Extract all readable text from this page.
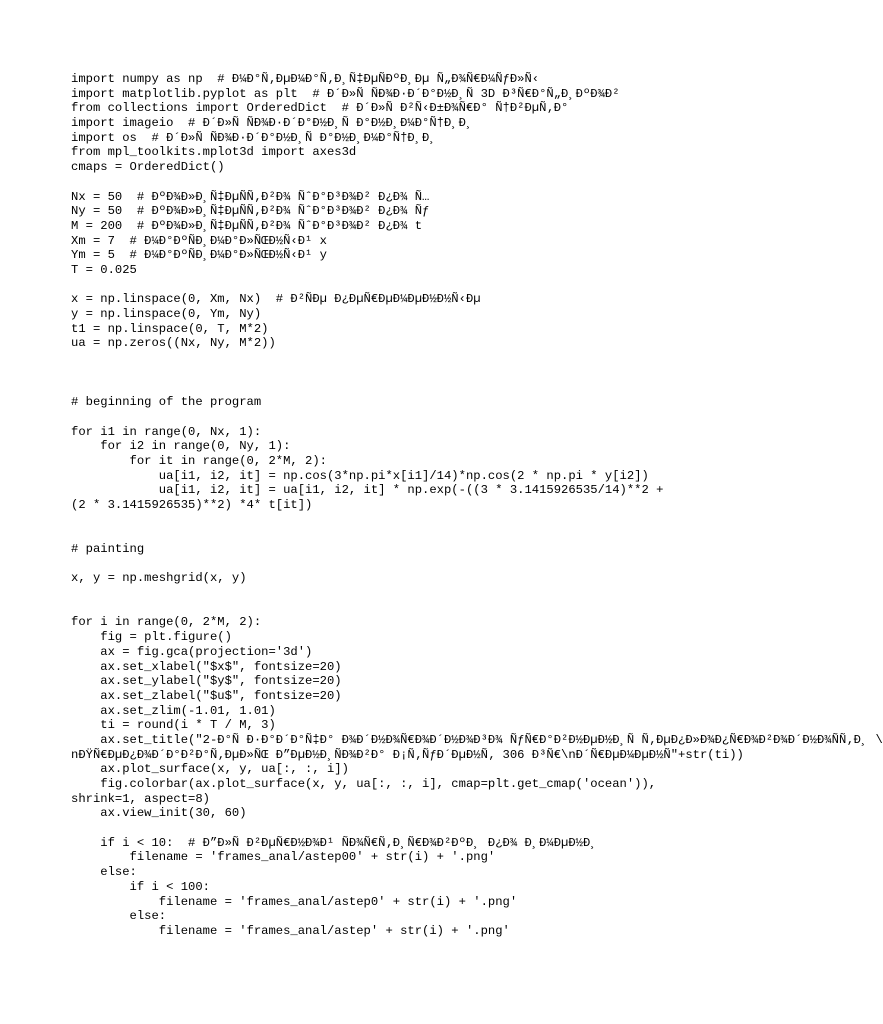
import numpy as np  # Ð¼Ð°Ñ‚ÐµÐ¼Ð°Ñ‚Ð¸Ñ‡ÐµÑÐºÐ¸Ðµ Ñ„Ð¾Ñ€Ð¼ÑƒÐ»Ñ‹
import matplotlib.pyplot as plt  # Ð´Ð»Ñ ÑÐ¾Ð·Ð´Ð°Ð½Ð¸Ñ 3D Ð³Ñ€Ð°Ñ„Ð¸ÐºÐ¾Ð²
from collections import OrderedDict  # Ð´Ð»Ñ Ð²Ñ‹Ð±Ð¾Ñ€Ð° Ñ†Ð²ÐµÑ‚Ð°
import imageio  # Ð´Ð»Ñ ÑÐ¾Ð·Ð´Ð°Ð½Ð¸Ñ Ð°Ð½Ð¸Ð¼Ð°Ñ†Ð¸Ð¸
import os  # Ð´Ð»Ñ ÑÐ¾Ð·Ð´Ð°Ð½Ð¸Ñ Ð°Ð½Ð¸Ð¼Ð°Ñ†Ð¸Ð¸
from mpl_toolkits.mplot3d import axes3d
cmaps = OrderedDict()
Nx = 50  # ÐºÐ¾Ð»Ð¸Ñ‡ÐµÑÑ‚Ð²Ð¾ ÑˆÐ°Ð³Ð¾Ð² Ð¿Ð¾ Ñ…
Ny = 50  # ÐºÐ¾Ð»Ð¸Ñ‡ÐµÑÑ‚Ð²Ð¾ ÑˆÐ°Ð³Ð¾Ð² Ð¿Ð¾ Ñƒ
M = 200  # ÐºÐ¾Ð»Ð¸Ñ‡ÐµÑÑ‚Ð²Ð¾ ÑˆÐ°Ð³Ð¾Ð² Ð¿Ð¾ t
Xm = 7  # Ð¼Ð°ÐºÑÐ¸Ð¼Ð°Ð»ÑŒÐ½Ñ‹Ð¹ x
Ym = 5  # Ð¼Ð°ÐºÑÐ¸Ð¼Ð°Ð»ÑŒÐ½Ñ‹Ð¹ y
T = 0.025
x = np.linspace(0, Xm, Nx)  # Ð²ÑÐµ Ð¿ÐµÑ€ÐµÐ¼ÐµÐ½Ð½Ñ‹Ðµ
y = np.linspace(0, Ym, Ny)
t1 = np.linspace(0, T, M*2)
ua = np.zeros((Nx, Ny, M*2))
# beginning of the program
for i1 in range(0, Nx, 1):
for i2 in range(0, Ny, 1):
for it in range(0, 2*M, 2):
ua[i1, i2, it] = np.cos(3*np.pi*x[i1]/14)*np.cos(2 * np.pi * y[i2])
ua[i1, i2, it] = ua[i1, i2, it] * np.exp(-((3 * 3.1415926535/14)**2 +
(2 * 3.1415926535)**2) *4* t[it])
# painting
x, y = np.meshgrid(x, y)
for i in range(0, 2*M, 2):
fig = plt.figure()
ax = fig.gca(projection='3d')
ax.set_xlabel("$x$", fontsize=20)
ax.set_ylabel("$y$", fontsize=20)
ax.set_zlabel("$u$", fontsize=20)
ax.set_zlim(-1.01, 1.01)
ti = round(i * T / M, 3)
ax.set_title("2-Ð°Ñ Ð·Ð°Ð´Ð°Ñ‡Ð° Ð¾Ð´Ð½Ð¾Ñ€Ð¾Ð´Ð½Ð¾Ð³Ð¾ ÑƒÑ€Ð°Ð²Ð½ÐµÐ½Ð¸Ñ Ñ‚ÐµÐ¿Ð»Ð¾Ð¿Ñ€Ð¾Ð²Ð¾Ð´Ð½Ð¾ÑÑ‚Ð¸ \
nÐŸÑ€ÐµÐ¿Ð¾Ð´Ð°Ð²Ð°Ñ‚ÐµÐ»ÑŒ Ð”ÐµÐ½Ð¸ÑÐ¾Ð²Ð° Ð¡Ñ‚ÑƒÐ´ÐµÐ½Ñ‚ 306 Ð³Ñ€\nÐ´Ñ€ÐµÐ¼ÐµÐ½Ñ"+str(ti))
ax.plot_surface(x, y, ua[:, :, i])
fig.colorbar(ax.plot_surface(x, y, ua[:, :, i], cmap=plt.get_cmap('ocean')),
shrink=1, aspect=8)
ax.view_init(30, 60)
if i < 10:  # Ð”Ð»Ñ Ð²ÐµÑ€Ð½Ð¾Ð¹ ÑÐ¾Ñ€Ñ‚Ð¸Ñ€Ð¾Ð²ÐºÐ¸ Ð¿Ð¾ Ð¸Ð¼ÐµÐ½Ð¸
filename = 'frames_anal/astep00' + str(i) + '.png'
else:
if i < 100:
filename = 'frames_anal/astep0' + str(i) + '.png'
else:
filename = 'frames_anal/astep' + str(i) + '.png'
